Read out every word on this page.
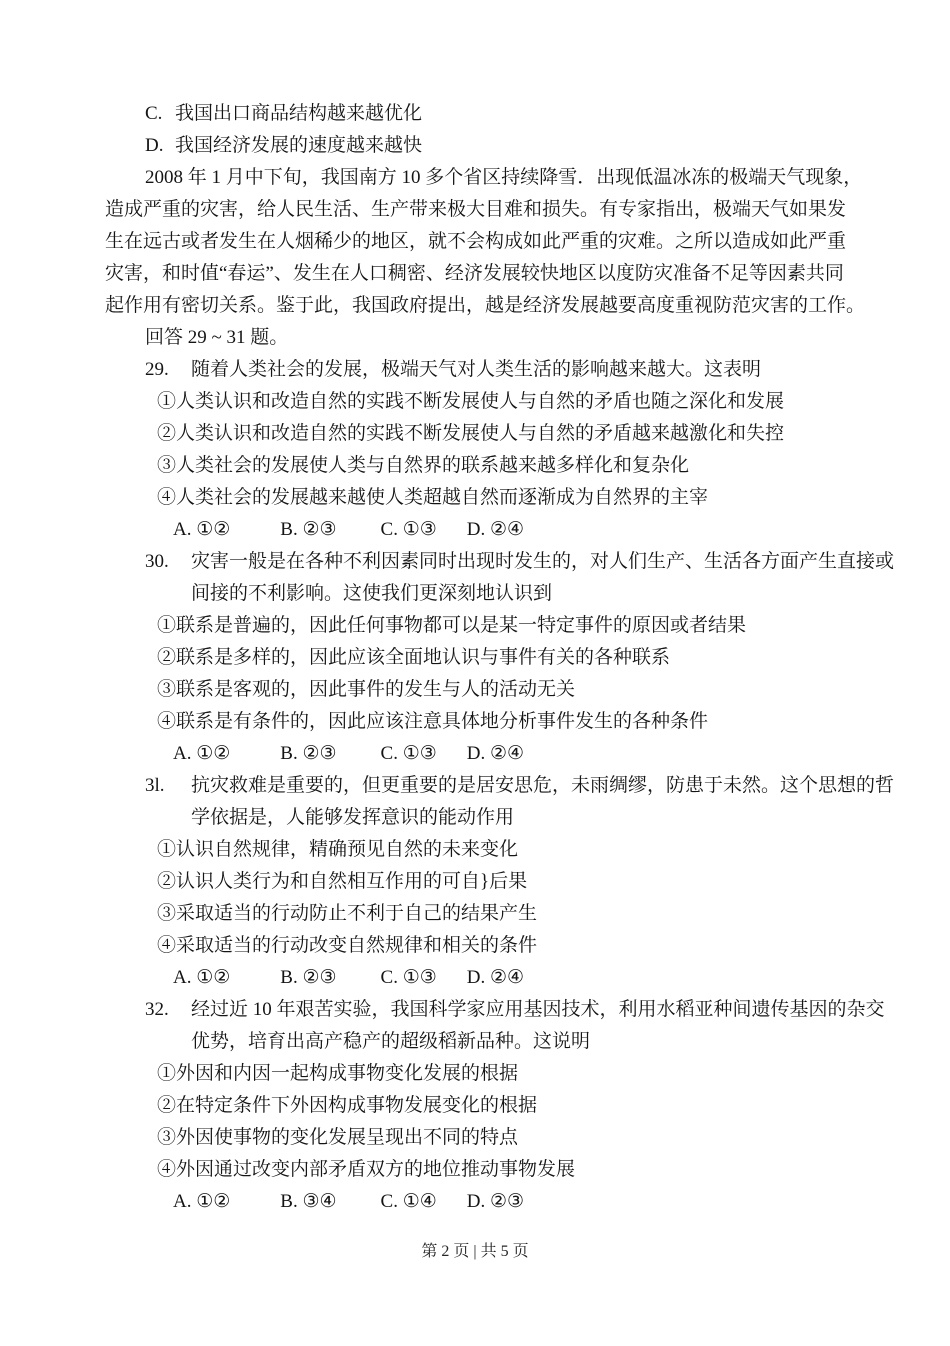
C. 我国出口商品结构越来越优化
D. 我国经济发展的速度越来越快
2008 年 1 月中下旬，我国南方 10 多个省区持续降雪．出现低温冰冻的极端天气现象，
造成严重的灾害，给人民生活、生产带来极大目难和损失。有专家指出，极端天气如果发
生在远古或者发生在人烟稀少的地区，就不会构成如此严重的灾难。之所以造成如此严重
灾害，和时值“春运”、发生在人口稠密、经济发展较快地区以度防灾准备不足等因素共同
起作用有密切关系。鉴于此，我国政府提出，越是经济发展越要高度重视防范灾害的工作。
回答 29 ~ 31 题。
29.	随着人类社会的发展，极端天气对人类生活的影响越来越大。这表明
①人类认识和改造自然的实践不断发展使人与自然的矛盾也随之深化和发展
②人类认识和改造自然的实践不断发展使人与自然的矛盾越来越激化和失控
③人类社会的发展使人类与自然界的联系越来越多样化和复杂化
④人类社会的发展越来越使人类超越自然而逐渐成为自然界的主宰
A. ①②	B. ②③ C. ①③ D. ②④
30.	灾害一般是在各种不利因素同时出现时发生的，对人们生产、生活各方面产生直接或
间接的不利影响。这使我们更深刻地认识到
①联系是普遍的，因此任何事物都可以是某一特定事件的原因或者结果
②联系是多样的，因此应该全面地认识与事件有关的各种联系
③联系是客观的，因此事件的发生与人的活动无关
④联系是有条件的，因此应该注意具体地分析事件发生的各种条件
A. ①②	B. ②③ C. ①③ D. ②④
3l.	抗灾救难是重要的，但更重要的是居安思危，未雨绸缪，防患于未然。这个思想的哲
学依据是，人能够发挥意识的能动作用
①认识自然规律，精确预见自然的未来变化
②认识人类行为和自然相互作用的可自}后果
③采取适当的行动防止不利于自己的结果产生
④采取适当的行动改变自然规律和相关的条件
A. ①②	B. ②③ C. ①③ D. ②④
32.	经过近 10 年艰苦实验，我国科学家应用基因技术，利用水稻亚种间遗传基因的杂交
优势，培育出高产稳产的超级稻新品种。这说明
①外因和内因一起构成事物变化发展的根据
②在特定条件下外因构成事物发展变化的根据
③外因使事物的变化发展呈现出不同的特点
④外因通过改变内部矛盾双方的地位推动事物发展
A. ①②	B. ③④ C. ①④ D. ②③
第 2 页 | 共 5 页
